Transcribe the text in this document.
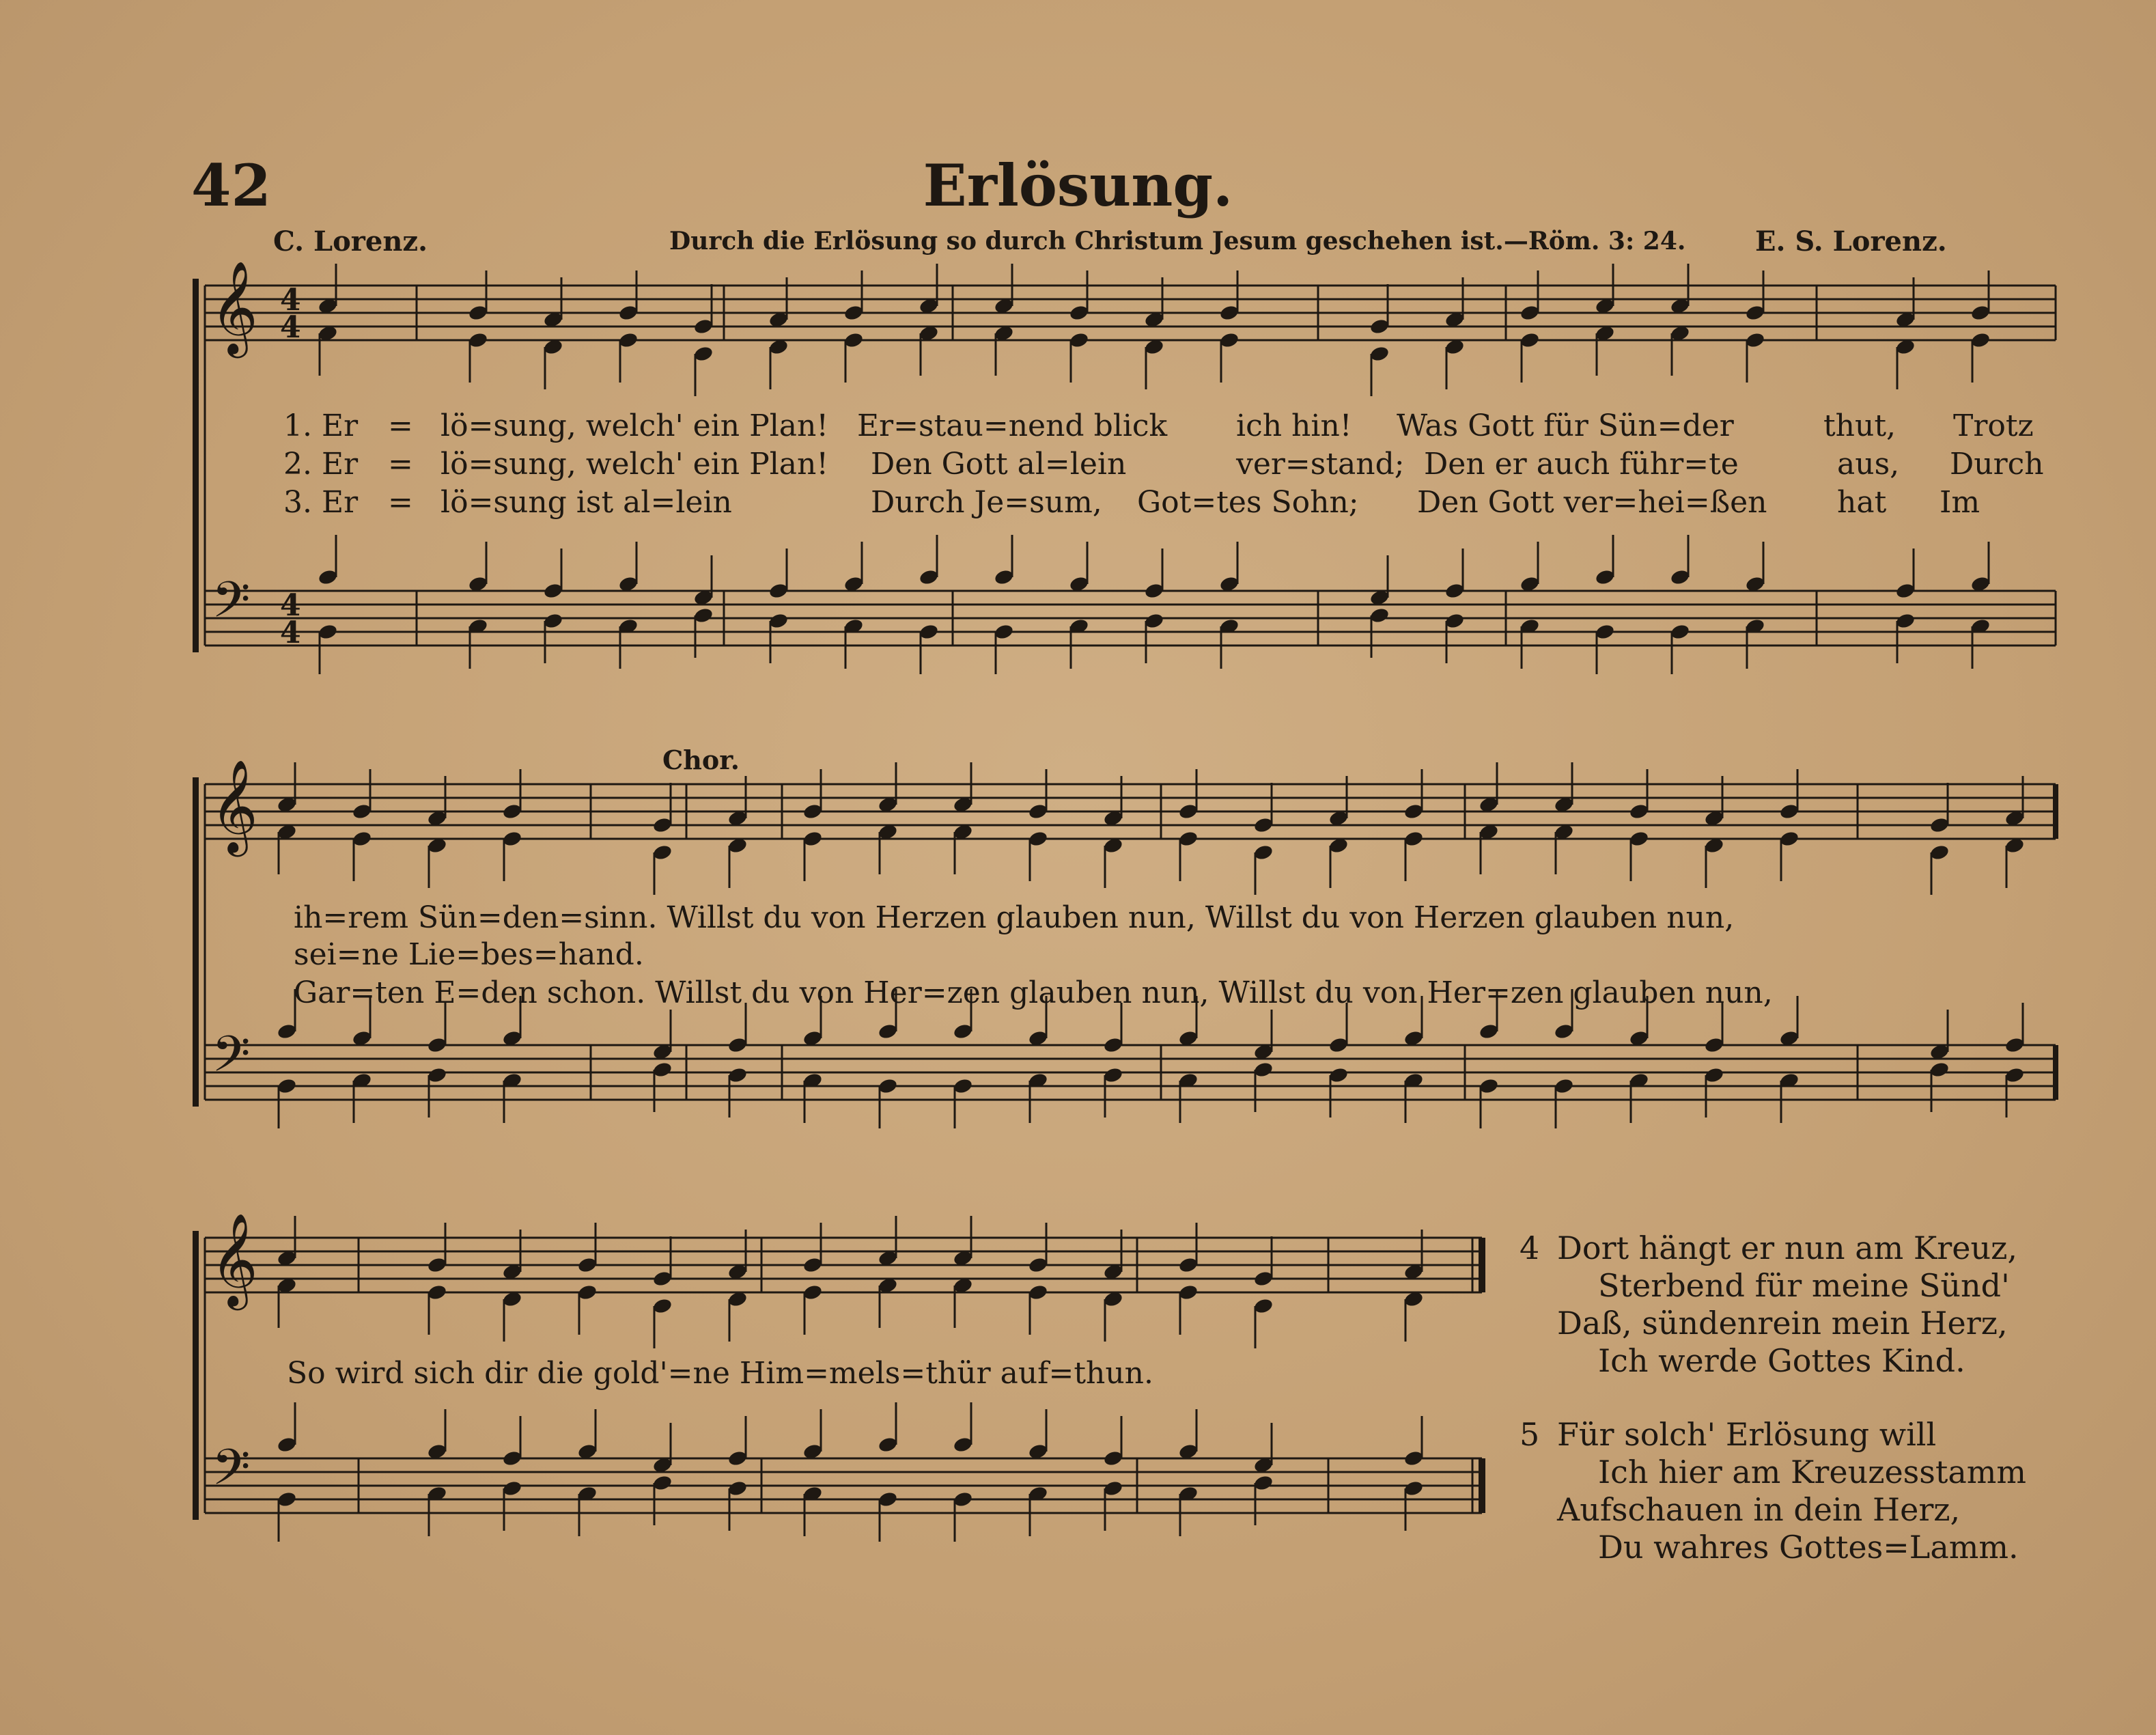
𝄞
𝄢
4
4
4
4
𝄞
𝄢
𝄞
𝄢
42	Erlösung.
C. Lorenz.	Durch die Erlösung so durch Christum Jesum geschehen ist.—Röm. 3: 24.	E. S. Lorenz.
1. Er = lö=sung, welch' ein Plan! Er=stau=nend blick ich hin! Was Gott für Sün=der	thut, Trotz
2. Er = lö=sung, welch' ein Plan! Den Gott al=lein	ver=stand; Den er auch führ=te	aus, Durch
3. Er = lö=sung ist al=lein	Durch Je=sum, Got=tes Sohn; Den Gott ver=hei=ßen hat Im
Chor.
ih=rem Sün=den=sinn. Willst du von Herzen glauben nun, Willst du von Herzen glauben nun,
sei=ne Lie=bes=hand.
Gar=ten E=den schon. Willst du von Her=zen glauben nun, Willst du von Her=zen glauben nun,
So wird sich dir die gold'=ne Him=mels=thür auf=thun.
4 Dort hängt er nun am Kreuz,
Sterbend für meine Sünd'
Daß, sündenrein mein Herz,
Ich werde Gottes Kind.
5 Für solch' Erlösung will
Ich hier am Kreuzesstamm
Aufschauen in dein Herz,
Du wahres Gottes=Lamm.
